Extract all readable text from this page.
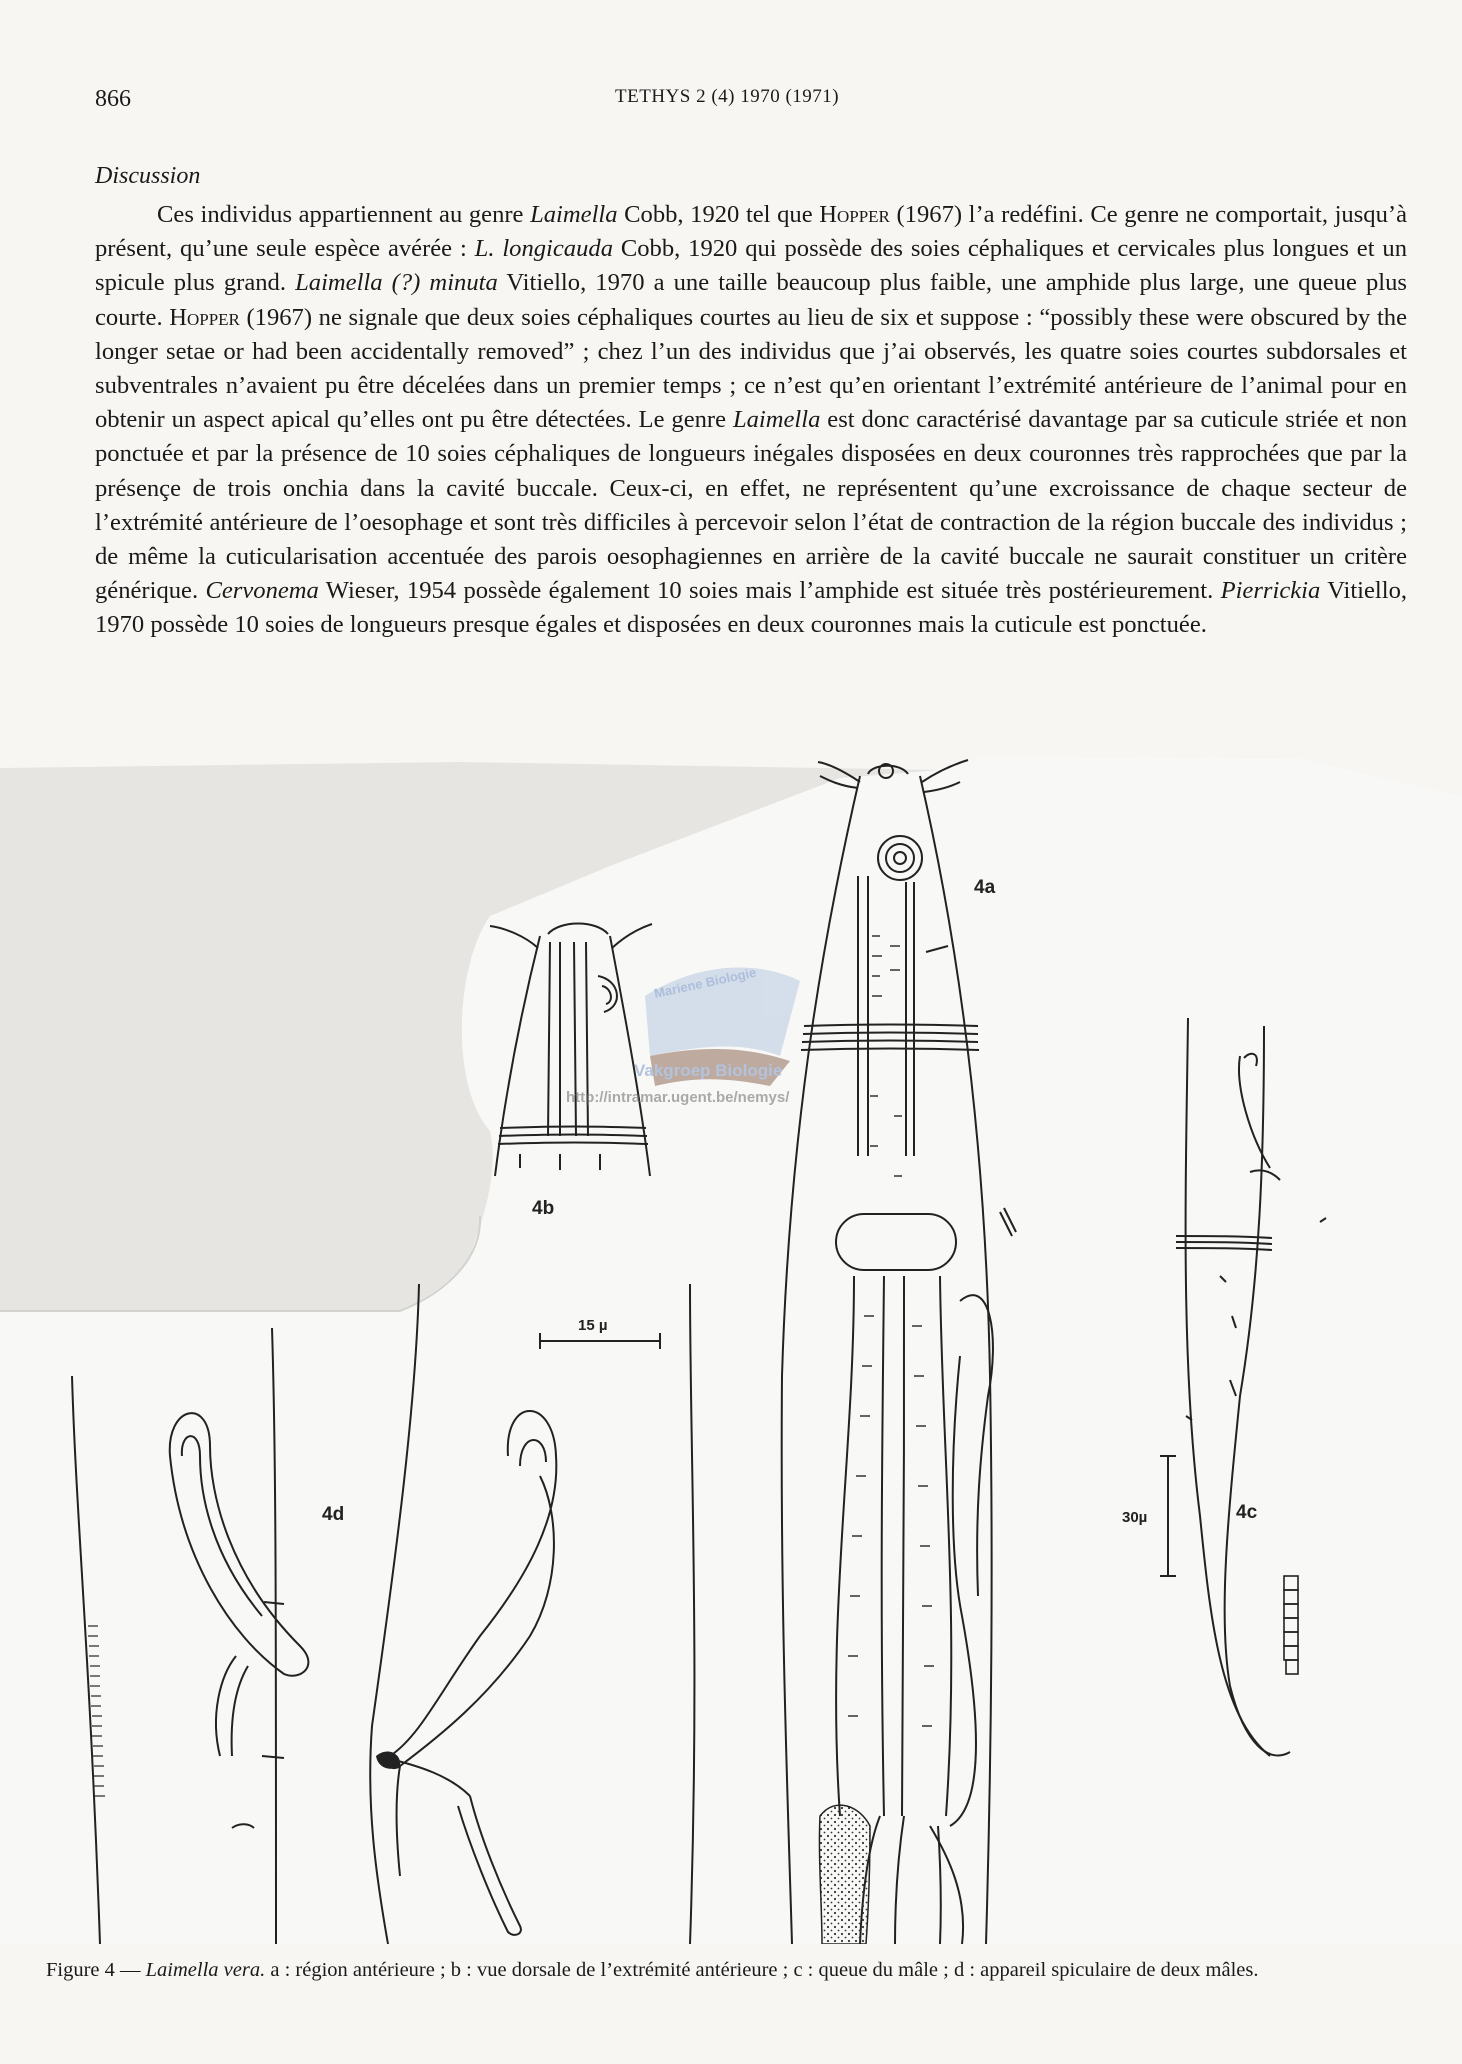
866	TETHYS 2 (4) 1970 (1971)
Discussion

Ces individus appartiennent au genre Laimella Cobb, 1920 tel que Hopper (1967) l’a redéfini. Ce genre ne comportait, jusqu’à présent, qu’une seule espèce avérée : L. longicauda Cobb, 1920 qui possède des soies céphaliques et cervicales plus longues et un spicule plus grand. Laimella (?) minuta Vitiello, 1970 a une taille beaucoup plus faible, une amphide plus large, une queue plus courte. Hopper (1967) ne signale que deux soies céphaliques courtes au lieu de six et suppose : “possibly these were obscured by the longer setae or had been accidentally removed” ; chez l’un des individus que j’ai observés, les quatre soies courtes subdorsales et subventrales n’avaient pu être décelées dans un premier temps ; ce n’est qu’en orientant l’extrémité antérieure de l’animal pour en obtenir un aspect apical qu’elles ont pu être détectées. Le genre Laimella est donc caractérisé davantage par sa cuticule striée et non ponctuée et par la présence de 10 soies céphaliques de longueurs inégales disposées en deux couronnes très rapprochées que par la présençe de trois onchia dans la cavité buccale. Ceux-ci, en effet, ne représentent qu’une excroissance de chaque secteur de l’extrémité antérieure de l’oesophage et sont très difficiles à percevoir selon l’état de contraction de la région buccale des individus ; de même la cuticularisation accentuée des parois oesophagiennes en arrière de la cavité buccale ne saurait constituer un critère générique. Cervonema Wieser, 1954 possède également 10 soies mais l’amphide est située très postérieurement. Pierrickia Vitiello, 1970 possède 10 soies de longueurs presque égales et disposées en deux couronnes mais la cuticule est ponctuée.

4a
4b
15 µ
4c
30µ
4d
Mariene Biologie
Vakgroep Biologie
http://intramar.ugent.be/nemys/
Figure 4 — Laimella vera. a : région antérieure ; b : vue dorsale de l’extrémité antérieure ; c : queue du mâle ; d : appareil spiculaire de deux mâles.
